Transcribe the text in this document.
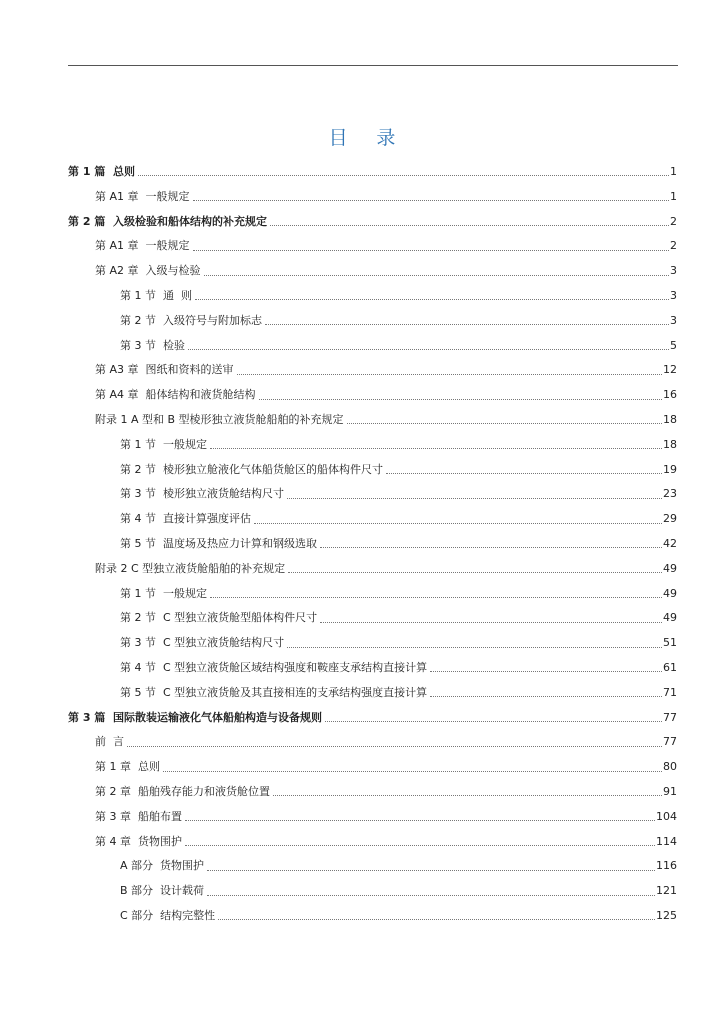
目 录
第 1 篇  总则	1
第 A1 章  一般规定	1
第 2 篇  入级检验和船体结构的补充规定	2
第 A1 章  一般规定	2
第 A2 章  入级与检验	3
第 1 节  通  则	3
第 2 节  入级符号与附加标志	3
第 3 节  检验	5
第 A3 章  图纸和资料的送审	12
第 A4 章  船体结构和液货舱结构	16
附录 1 A 型和 B 型棱形独立液货舱船舶的补充规定	18
第 1 节  一般规定	18
第 2 节  棱形独立舱液化气体船货舱区的船体构件尺寸	19
第 3 节  棱形独立液货舱结构尺寸	23
第 4 节  直接计算强度评估	29
第 5 节  温度场及热应力计算和钢级选取	42
附录 2 C 型独立液货舱船舶的补充规定	49
第 1 节  一般规定	49
第 2 节  C 型独立液货舱型船体构件尺寸	49
第 3 节  C 型独立液货舱结构尺寸	51
第 4 节  C 型独立液货舱区域结构强度和鞍座支承结构直接计算	61
第 5 节  C 型独立液货舱及其直接相连的支承结构强度直接计算	71
第 3 篇  国际散装运输液化气体船舶构造与设备规则	77
前  言	77
第 1 章  总则	80
第 2 章  船舶残存能力和液货舱位置	91
第 3 章  船舶布置	104
第 4 章  货物围护	114
A 部分  货物围护	116
B 部分  设计载荷	121
C 部分  结构完整性	125
